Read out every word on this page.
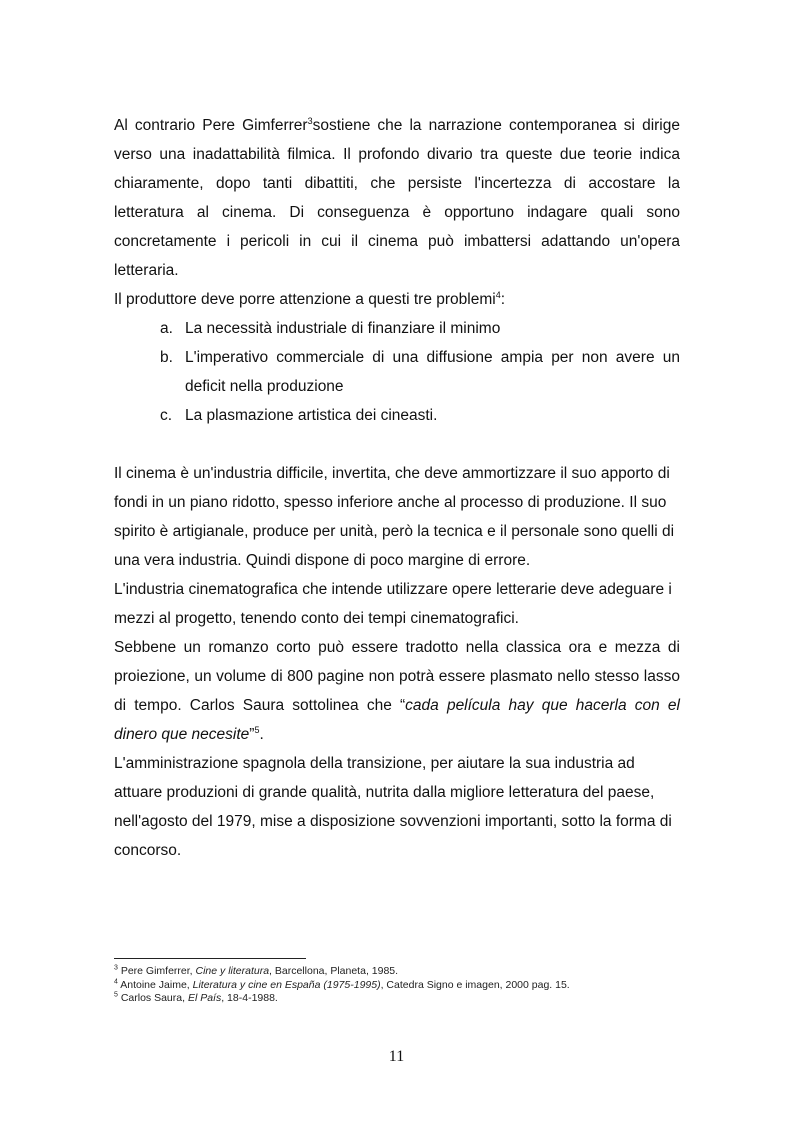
Al contrario Pere Gimferrer$^3$sostiene che la narrazione contemporanea si dirige verso una inadattabilità filmica. Il profondo divario tra queste due teorie indica chiaramente, dopo tanti dibattiti, che persiste l'incertezza di accostare la letteratura al cinema. Di conseguenza è opportuno indagare quali sono concretamente i pericoli in cui il cinema può imbattersi adattando un'opera letteraria.

Il produttore deve porre attenzione a questi tre problemi$^4$:

a. La necessità industriale di finanziare il minimo
b. L'imperativo commerciale di una diffusione ampia per non avere un deficit nella produzione
c. La plasmazione artistica dei cineasti.

Il cinema è un'industria difficile, invertita, che deve ammortizzare il suo apporto di fondi in un piano ridotto, spesso inferiore anche al processo di produzione. Il suo spirito è artigianale, produce per unità, però la tecnica e il personale sono quelli di una vera industria. Quindi dispone di poco margine di errore.

L'industria cinematografica che intende utilizzare opere letterarie deve adeguare i mezzi al progetto, tenendo conto dei tempi cinematografici.

Sebbene un romanzo corto può essere tradotto nella classica ora e mezza di proiezione, un volume di 800 pagine non potrà essere plasmato nello stesso lasso di tempo. Carlos Saura sottolinea che “cada película hay que hacerla con el dinero que necesite”$^5$.

L'amministrazione spagnola della transizione, per aiutare la sua industria ad attuare produzioni di grande qualità, nutrita dalla migliore letteratura del paese, nell'agosto del 1979, mise a disposizione sovvenzioni importanti, sotto la forma di concorso.

$^3$ Pere Gimferrer, Cine y literatura, Barcellona, Planeta, 1985.

$^4$ Antoine Jaime, Literatura y cine en España (1975-1995), Catedra Signo e imagen, 2000 pag. 15.

$^5$ Carlos Saura, El País, 18-4-1988.

11
